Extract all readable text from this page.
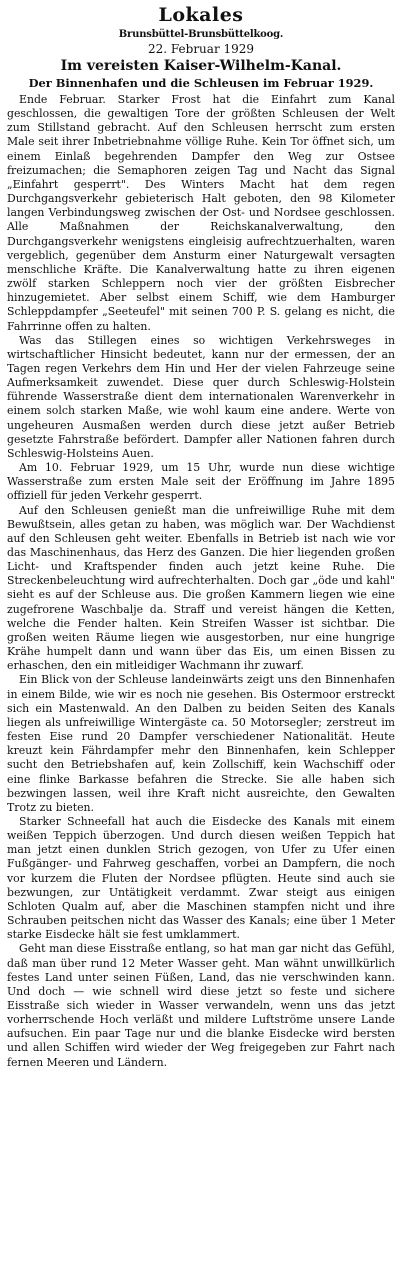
Lokales
Brunsbüttel-Brunsbüttelkoog.
22. Februar 1929
Im vereisten Kaiser-Wilhelm-Kanal.
Der Binnenhafen und die Schleusen im Februar 1929.

Ende Februar. Starker Frost hat die Einfahrt zum Kanal geschlossen, die gewaltigen Tore der größten Schleusen der Welt zum Stillstand gebracht. Auf den Schleusen herrscht zum ersten Male seit ihrer Inbetriebnahme völlige Ruhe. Kein Tor öffnet sich, um einem Einlaß begehrenden Dampfer den Weg zur Ostsee freizumachen; die Semaphoren zeigen Tag und Nacht das Signal „Einfahrt gesperrt". Des Winters Macht hat dem regen Durchgangsverkehr gebieterisch Halt geboten, den 98 Kilometer langen Verbindungsweg zwischen der Ost- und Nordsee geschlossen. Alle Maßnahmen der Reichskanalverwaltung, den Durchgangsverkehr wenigstens eingleisig aufrechtzuerhalten, waren vergeblich, gegenüber dem Ansturm einer Naturgewalt versagten menschliche Kräfte. Die Kanalverwaltung hatte zu ihren eigenen zwölf starken Schleppern noch vier der größten Eisbrecher hinzugemietet. Aber selbst einem Schiff, wie dem Hamburger Schleppdampfer „Seeteufel" mit seinen 700 P. S. gelang es nicht, die Fahrrinne offen zu halten.

Was das Stillegen eines so wichtigen Verkehrsweges in wirtschaftlicher Hinsicht bedeutet, kann nur der ermessen, der an Tagen regen Verkehrs dem Hin und Her der vielen Fahrzeuge seine Aufmerksamkeit zuwendet. Diese quer durch Schleswig-Holstein führende Wasserstraße dient dem internationalen Warenverkehr in einem solch starken Maße, wie wohl kaum eine andere. Werte von ungeheuren Ausmaßen werden durch diese jetzt außer Betrieb gesetzte Fahrstraße befördert. Dampfer aller Nationen fahren durch Schleswig-Holsteins Auen.

Am 10. Februar 1929, um 15 Uhr, wurde nun diese wichtige Wasserstraße zum ersten Male seit der Eröffnung im Jahre 1895 offiziell für jeden Verkehr gesperrt.

Auf den Schleusen genießt man die unfreiwillige Ruhe mit dem Bewußtsein, alles getan zu haben, was möglich war. Der Wachdienst auf den Schleusen geht weiter. Ebenfalls in Betrieb ist nach wie vor das Maschinenhaus, das Herz des Ganzen. Die hier liegenden großen Licht- und Kraftspender finden auch jetzt keine Ruhe. Die Streckenbeleuchtung wird aufrechterhalten. Doch gar „öde und kahl" sieht es auf der Schleuse aus. Die großen Kammern liegen wie eine zugefrorene Waschbalje da. Straff und vereist hängen die Ketten, welche die Fender halten. Kein Streifen Wasser ist sichtbar. Die großen weiten Räume liegen wie ausgestorben, nur eine hungrige Krähe humpelt dann und wann über das Eis, um einen Bissen zu erhaschen, den ein mitleidiger Wachmann ihr zuwarf.

Ein Blick von der Schleuse landeinwärts zeigt uns den Binnenhafen in einem Bilde, wie wir es noch nie gesehen. Bis Ostermoor erstreckt sich ein Mastenwald. An den Dalben zu beiden Seiten des Kanals liegen als unfreiwillige Wintergäste ca. 50 Motorsegler; zerstreut im festen Eise rund 20 Dampfer verschiedener Nationalität. Heute kreuzt kein Fährdampfer mehr den Binnenhafen, kein Schlepper sucht den Betriebshafen auf, kein Zollschiff, kein Wachschiff oder eine flinke Barkasse befahren die Strecke. Sie alle haben sich bezwingen lassen, weil ihre Kraft nicht ausreichte, den Gewalten Trotz zu bieten.

Starker Schneefall hat auch die Eisdecke des Kanals mit einem weißen Teppich überzogen. Und durch diesen weißen Teppich hat man jetzt einen dunklen Strich gezogen, von Ufer zu Ufer einen Fußgänger- und Fahrweg geschaffen, vorbei an Dampfern, die noch vor kurzem die Fluten der Nordsee pflügten. Heute sind auch sie bezwungen, zur Untätigkeit verdammt. Zwar steigt aus einigen Schloten Qualm auf, aber die Maschinen stampfen nicht und ihre Schrauben peitschen nicht das Wasser des Kanals; eine über 1 Meter starke Eisdecke hält sie fest umklammert.

Geht man diese Eisstraße entlang, so hat man gar nicht das Gefühl, daß man über rund 12 Meter Wasser geht. Man wähnt unwillkürlich festes Land unter seinen Füßen, Land, das nie verschwinden kann. Und doch — wie schnell wird diese jetzt so feste und sichere Eisstraße sich wieder in Wasser verwandeln, wenn uns das jetzt vorherrschende Hoch verläßt und mildere Luftströme unsere Lande aufsuchen. Ein paar Tage nur und die blanke Eisdecke wird bersten und allen Schiffen wird wieder der Weg freigegeben zur Fahrt nach fernen Meeren und Ländern.
